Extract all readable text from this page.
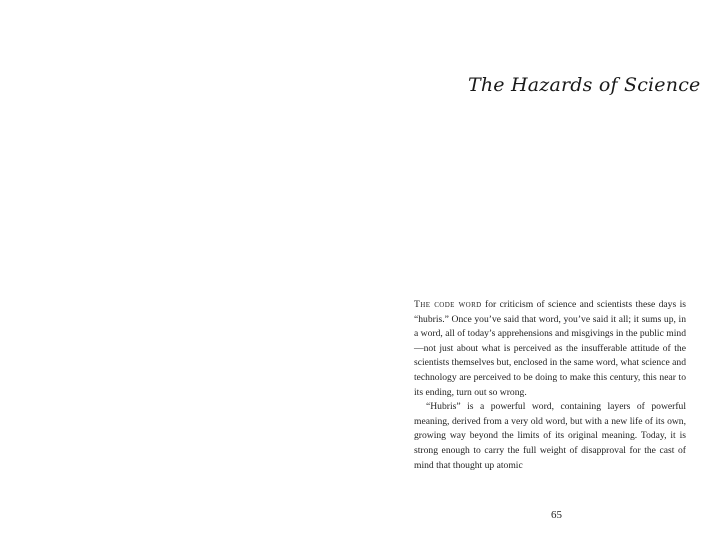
The Hazards of Science

The code word for criticism of science and scientists these days is “hubris.” Once you’ve said that word, you’ve said it all; it sums up, in a word, all of today’s apprehensions and misgivings in the public mind—not just about what is perceived as the insufferable attitude of the scientists themselves but, enclosed in the same word, what science and technology are perceived to be doing to make this century, this near to its ending, turn out so wrong.

“Hubris” is a powerful word, containing layers of powerful meaning, derived from a very old word, but with a new life of its own, growing way beyond the limits of its original meaning. Today, it is strong enough to carry the full weight of disapproval for the cast of mind that thought up atomic

65
